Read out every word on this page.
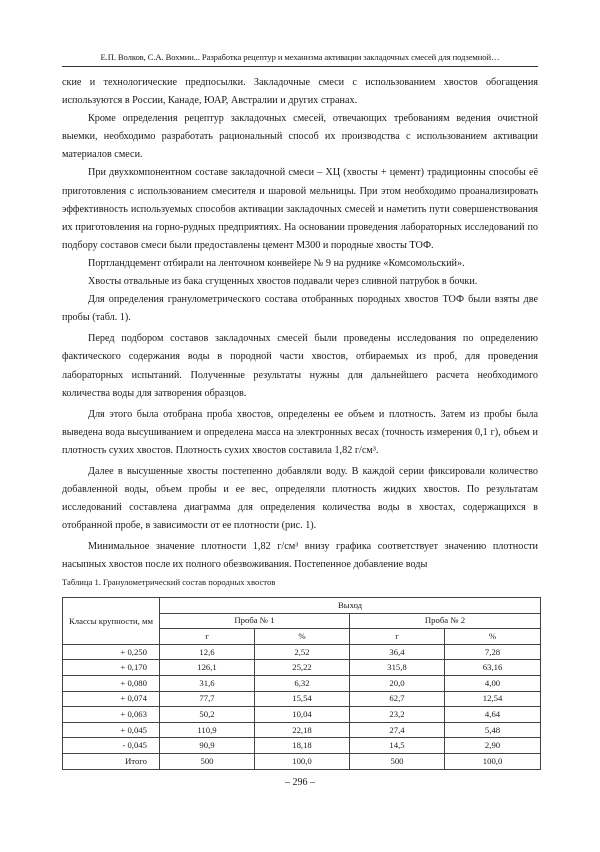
Е.П. Волков, С.А. Вохмин... Разработка рецептур и механизма активации закладочных смесей для подземной…

ские и технологические предпосылки. Закладочные смеси с использованием хвостов обогащения используются в России, Канаде, ЮАР, Австралии и других странах.

Кроме определения рецептур закладочных смесей, отвечающих требованиям ведения очистной выемки, необходимо разработать рациональный способ их производства с использованием активации материалов смеси.

При двухкомпонентном составе закладочной смеси – ХЦ (хвосты + цемент) традиционны способы её приготовления с использованием смесителя и шаровой мельницы. При этом необходимо проанализировать эффективность используемых способов активации закладочных смесей и наметить пути совершенствования их приготовления на горно-рудных предприятиях. На основании проведения лабораторных исследований по подбору составов смеси были предоставлены цемент М300 и породные хвосты ТОФ.

Портландцемент отбирали на ленточном конвейере № 9 на руднике «Комсомольский».

Хвосты отвальные из бака сгущенных хвостов подавали через сливной патрубок в бочки.

Для определения гранулометрического состава отобранных породных хвостов ТОФ были взяты две пробы (табл. 1).

Перед подбором составов закладочных смесей были проведены исследования по определению фактического содержания воды в породной части хвостов, отбираемых из проб, для проведения лабораторных испытаний. Полученные результаты нужны для дальнейшего расчета необходимого количества воды для затворения образцов.

Для этого была отобрана проба хвостов, определены ее объем и плотность. Затем из пробы была выведена вода высушиванием и определена масса на электронных весах (точность измерения 0,1 г), объем и плотность сухих хвостов. Плотность сухих хвостов составила 1,82 г/см³.

Далее в высушенные хвосты постепенно добавляли воду. В каждой серии фиксировали количество добавленной воды, объем пробы и ее вес, определяли плотность жидких хвостов. По результатам исследований составлена диаграмма для определения количества воды в хвостах, содержащихся в отобранной пробе, в зависимости от ее плотности (рис. 1).

Минимальное значение плотности 1,82 г/см³ внизу графика соответствует значению плотности насыпных хвостов после их полного обезвоживания. Постепенное добавление воды

Таблица 1. Гранулометрический состав породных хвостов
Классы крупности, мм	Выход			
	Проба № 1		Проба № 2	
	г	%	г	%
+ 0,250	12,6	2,52	36,4	7,28
+ 0,170	126,1	25,22	315,8	63,16
+ 0,080	31,6	6,32	20,0	4,00
+ 0,074	77,7	15,54	62,7	12,54
+ 0,063	50,2	10,04	23,2	4,64
+ 0,045	110,9	22,18	27,4	5,48
- 0,045	90,9	18,18	14,5	2,90
Итого	500	100,0	500	100,0
– 296 –
